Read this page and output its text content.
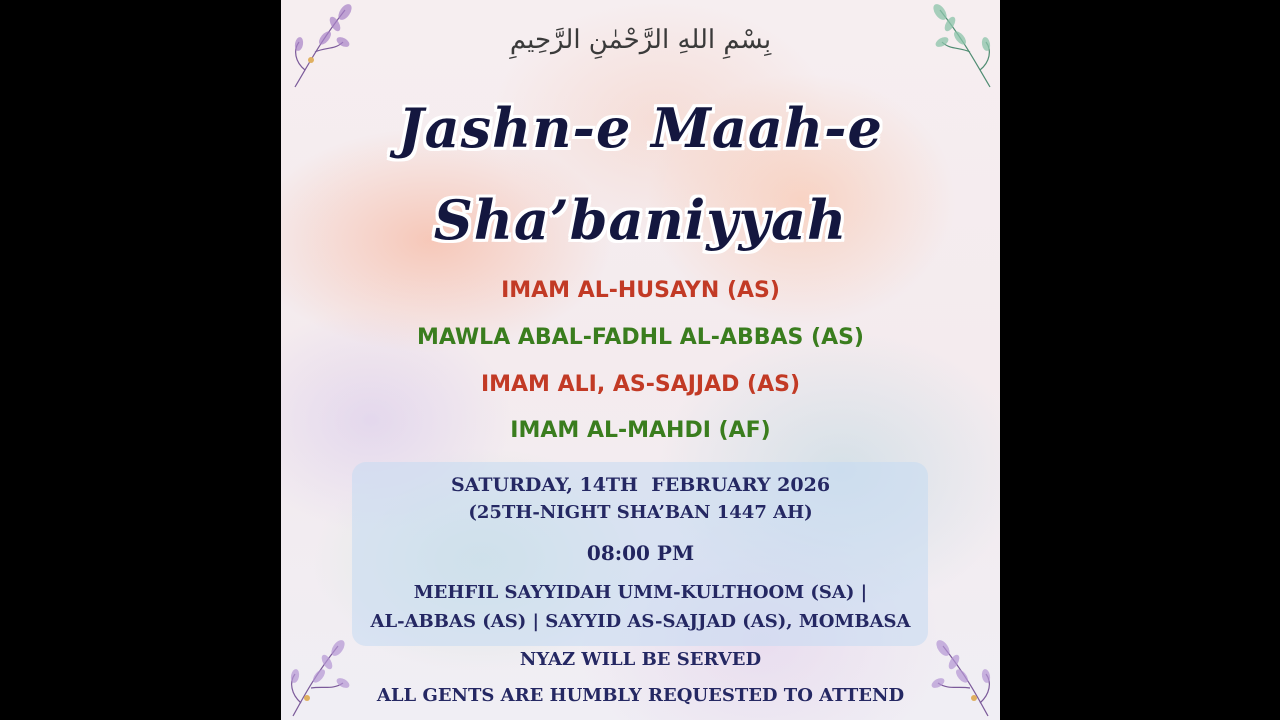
بِسْمِ اللهِ الرَّحْمٰنِ الرَّحِيمِ
Jashn-e Maah-e
Sha’baniyyah
IMAM AL-HUSAYN (AS)
MAWLA ABAL-FADHL AL-ABBAS (AS)
IMAM ALI, AS-SAJJAD (AS)
IMAM AL-MAHDI (AF)
SATURDAY, 14TH  FEBRUARY 2026
(25TH-NIGHT SHA’BAN 1447 AH)
08:00 PM
MEHFIL SAYYIDAH UMM-KULTHOOM (SA) |
AL-ABBAS (AS) | SAYYID AS-SAJJAD (AS), MOMBASA
NYAZ WILL BE SERVED
ALL GENTS ARE HUMBLY REQUESTED TO ATTEND
